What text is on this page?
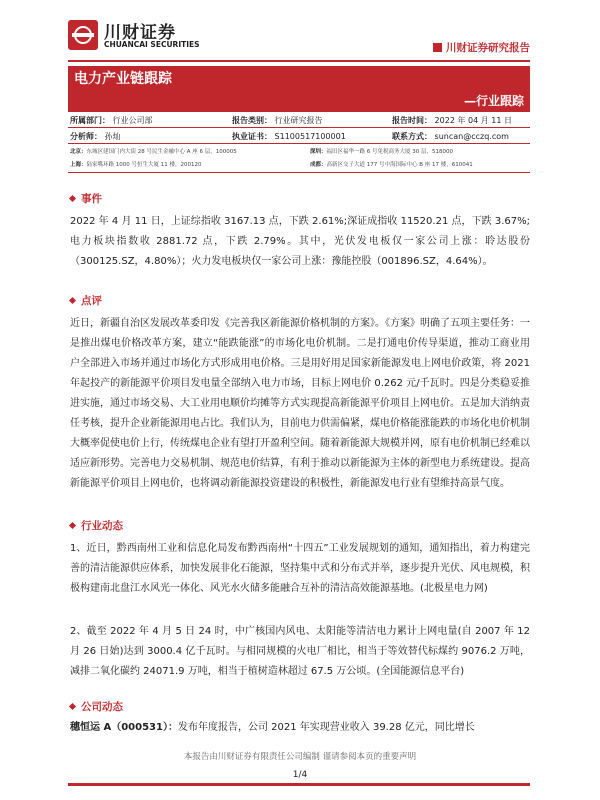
川财证券
CHUANCAI SECURITIES	川财证券研究报告
电力产业链跟踪
—行业跟踪
所属部门： 行业公司部	报告类别： 行业研究报告	报告时间： 2022 年 04 月 11 日
分析师： 孙灿	执业证书： S1100517100001	联系方式： suncan@cczq.com
北京：东城区建国门内大街 28 号民生金融中心 A 座 6 层，100005	深圳：福田区福华一路 6 号免税商务大厦 30 层，518000
上海：陆家嘴环路 1000 号恒生大厦 11 楼，200120	成都：高新区交子大道 177 号中海国际中心 B 座 17 楼，610041
事件
2022 年 4 月 11 日，上证综指收 3167.13 点，下跌 2.61%;深证成指收 11520.21 点，下跌 3.67%;电力板块指数收 2881.72 点，下跌 2.79%。其中，光伏发电板仅一家公司上涨：聆达股份（300125.SZ，4.80%）；火力发电板块仅一家公司上涨：豫能控股（001896.SZ，4.64%）。
点评
近日，新疆自治区发展改革委印发《完善我区新能源价格机制的方案》。《方案》明确了五项主要任务：一是推出煤电价格改革方案，建立“能跌能涨”的市场化电价机制。二是打通电价传导渠道，推动工商业用户全部进入市场并通过市场化方式形成用电价格。三是用好用足国家新能源发电上网电价政策，将 2021 年起投产的新能源平价项目发电量全部纳入电力市场，目标上网电价 0.262 元/千瓦时。四是分类稳妥推进实施，通过市场交易、大工业用电顺价均摊等方式实现提高新能源平价项目上网电价。五是加大消纳责任考核，提升企业新能源用电占比。我们认为，目前电力供需偏紧，煤电价格能涨能跌的市场化电价机制大概率促使电价上行，传统煤电企业有望打开盈利空间。随着新能源大规模并网，原有电价机制已经难以适应新形势。完善电力交易机制、规范电价结算，有利于推动以新能源为主体的新型电力系统建设。提高新能源平价项目上网电价，也将调动新能源投资建设的积极性，新能源发电行业有望维持高景气度。
行业动态
1、近日，黔西南州工业和信息化局发布黔西南州“十四五”工业发展规划的通知，通知指出，着力构建完善的清洁能源供应体系，加快发展非化石能源，坚持集中式和分布式并举，逐步提升光伏、风电规模，积极构建南北盘江水风光一体化、风光水火储多能融合互补的清洁高效能源基地。(北极星电力网)
2、截至 2022 年 4 月 5 日 24 时，中广核国内风电、太阳能等清洁电力累计上网电量(自 2007 年 12 月 26 日始)达到 3000.4 亿千瓦时。与相同规模的火电厂相比，相当于等效替代标煤约 9076.2 万吨，减排二氧化碳约 24071.9 万吨，相当于植树造林超过 67.5 万公顷。(全国能源信息平台)
公司动态
穗恒运 A（000531）：发布年度报告，公司 2021 年实现营业收入 39.28 亿元，同比增长
本报告由川财证券有限责任公司编制 谨请参阅本页的重要声明
1/4
